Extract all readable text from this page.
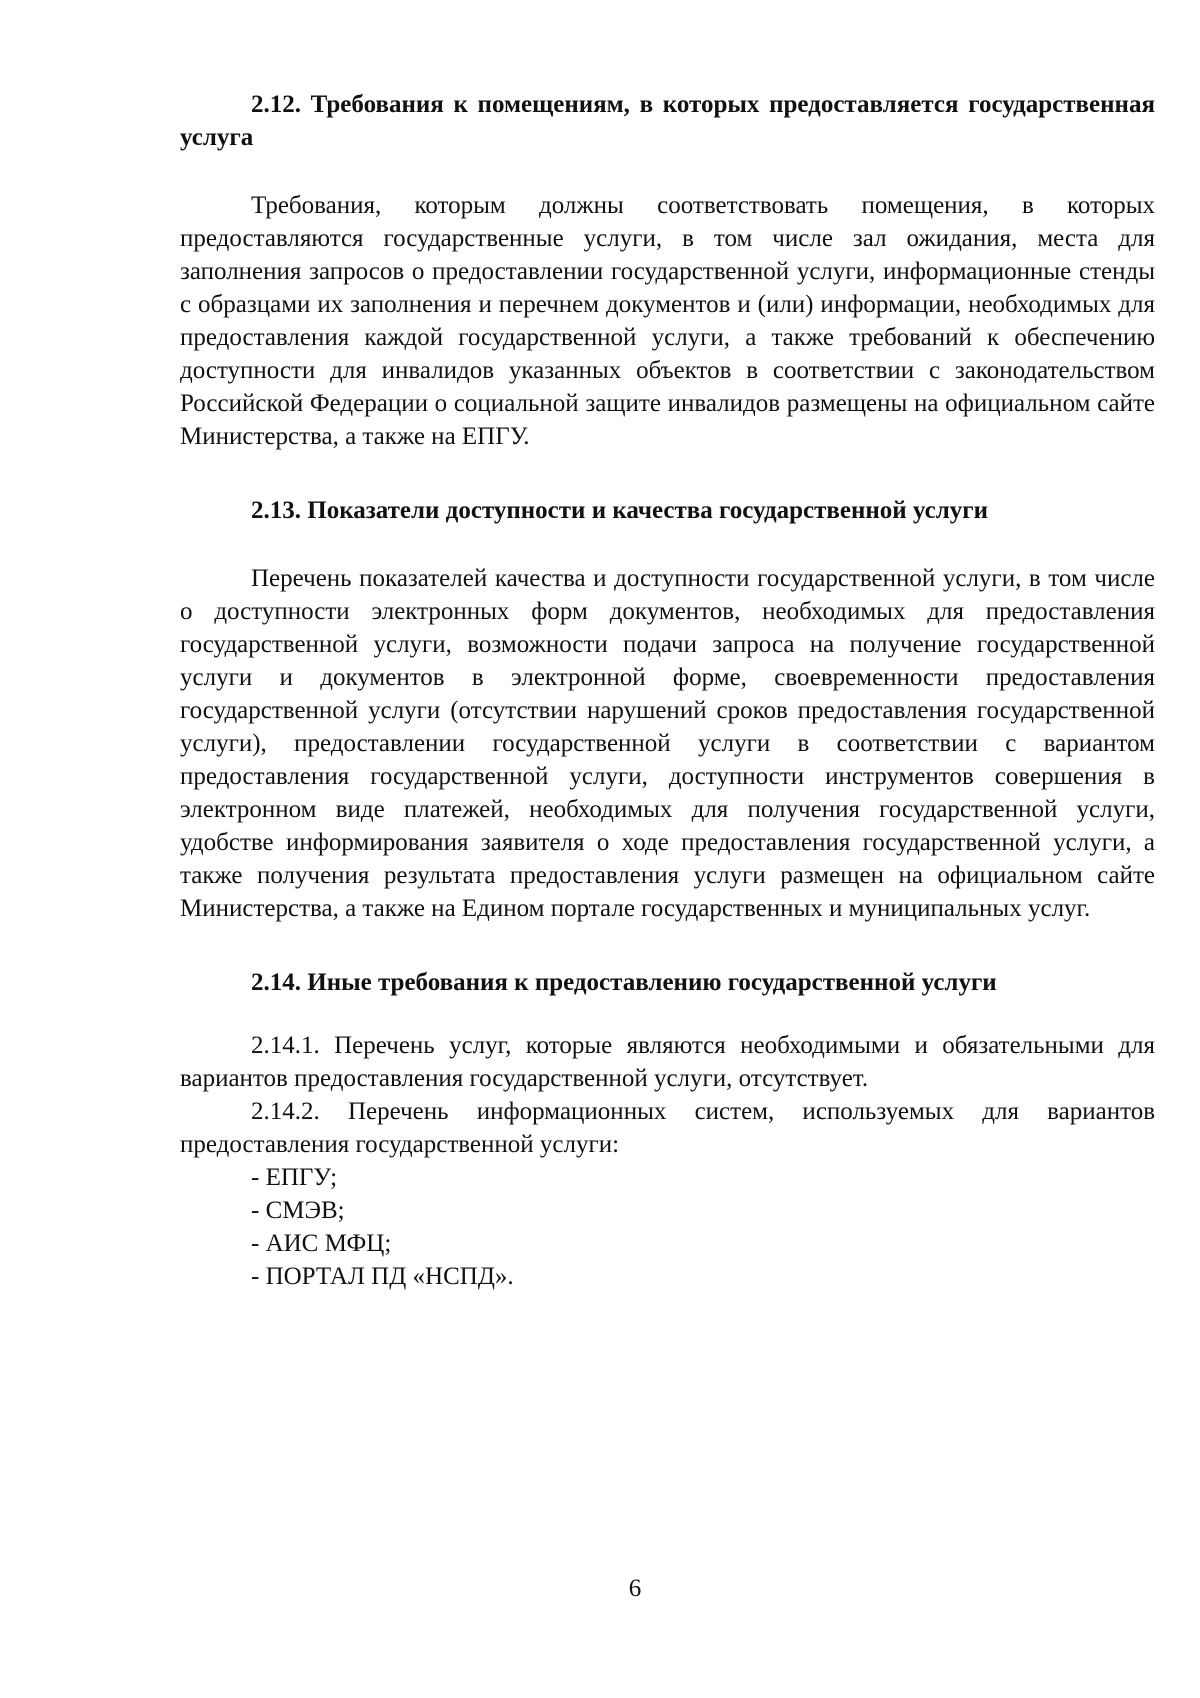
2.12. Требования к помещениям, в которых предоставляется государственная услуга

Требования, которым должны соответствовать помещения, в которых предоставляются государственные услуги, в том числе зал ожидания, места для заполнения запросов о предоставлении государственной услуги, информационные стенды с образцами их заполнения и перечнем документов и (или) информации, необходимых для предоставления каждой государственной услуги, а также требований к обеспечению доступности для инвалидов указанных объектов в соответствии с законодательством Российской Федерации о социальной защите инвалидов размещены на официальном сайте Министерства, а также на ЕПГУ.

2.13. Показатели доступности и качества государственной услуги

Перечень показателей качества и доступности государственной услуги, в том числе о доступности электронных форм документов, необходимых для предоставления государственной услуги, возможности подачи запроса на получение государственной услуги и документов в электронной форме, своевременности предоставления государственной услуги (отсутствии нарушений сроков предоставления государственной услуги), предоставлении государственной услуги в соответствии с вариантом предоставления государственной услуги, доступности инструментов совершения в электронном виде платежей, необходимых для получения государственной услуги, удобстве информирования заявителя о ходе предоставления государственной услуги, а также получения результата предоставления услуги размещен на официальном сайте Министерства, а также на Едином портале государственных и муниципальных услуг.

2.14. Иные требования к предоставлению государственной услуги

2.14.1. Перечень услуг, которые являются необходимыми и обязательными для вариантов предоставления государственной услуги, отсутствует.

2.14.2. Перечень информационных систем, используемых для вариантов предоставления государственной услуги:

- ЕПГУ;
- СМЭВ;
- АИС МФЦ;
- ПОРТАЛ ПД «НСПД».
6
